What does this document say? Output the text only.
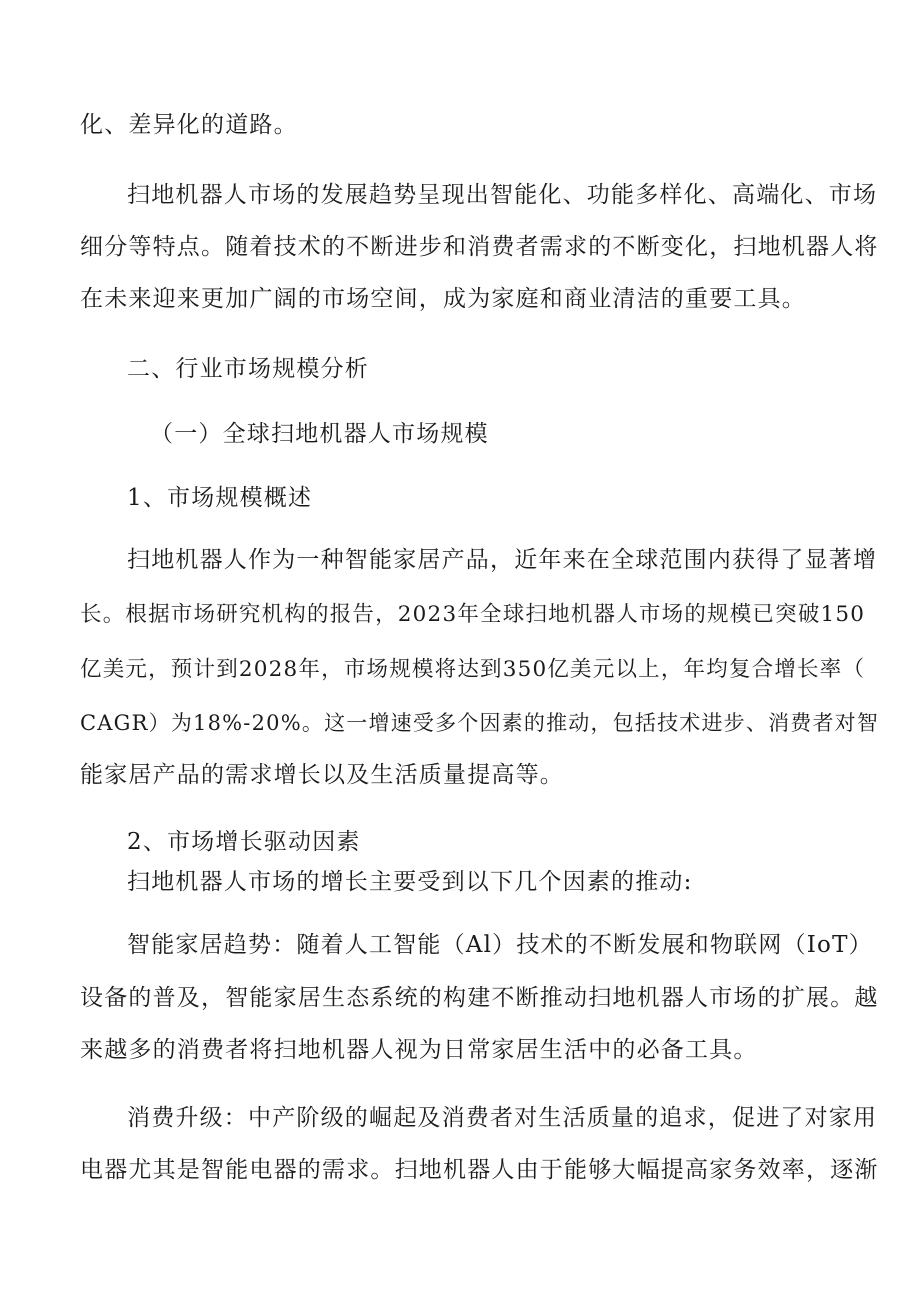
化、差异化的道路。
扫地机器人市场的发展趋势呈现出智能化、功能多样化、高端化、市场
细分等特点。随着技术的不断进步和消费者需求的不断变化，扫地机器人将
在未来迎来更加广阔的市场空间，成为家庭和商业清洁的重要工具。
二、行业市场规模分析
（一）全球扫地机器人市场规模
1、市场规模概述
扫地机器人作为一种智能家居产品，近年来在全球范围内获得了显著增
长。根据市场研究机构的报告，2023年全球扫地机器人市场的规模已突破150
亿美元，预计到2028年，市场规模将达到350亿美元以上，年均复合增长率（
CAGR）为18%-20%。这一增速受多个因素的推动，包括技术进步、消费者对智
能家居产品的需求增长以及生活质量提高等。
2、市场增长驱动因素
扫地机器人市场的增长主要受到以下几个因素的推动:
智能家居趋势：随着人工智能（Al）技术的不断发展和物联网（IoT）
设备的普及，智能家居生态系统的构建不断推动扫地机器人市场的扩展。越
来越多的消费者将扫地机器人视为日常家居生活中的必备工具。
消费升级：中产阶级的崛起及消费者对生活质量的追求，促进了对家用
电器尤其是智能电器的需求。扫地机器人由于能够大幅提高家务效率，逐渐
